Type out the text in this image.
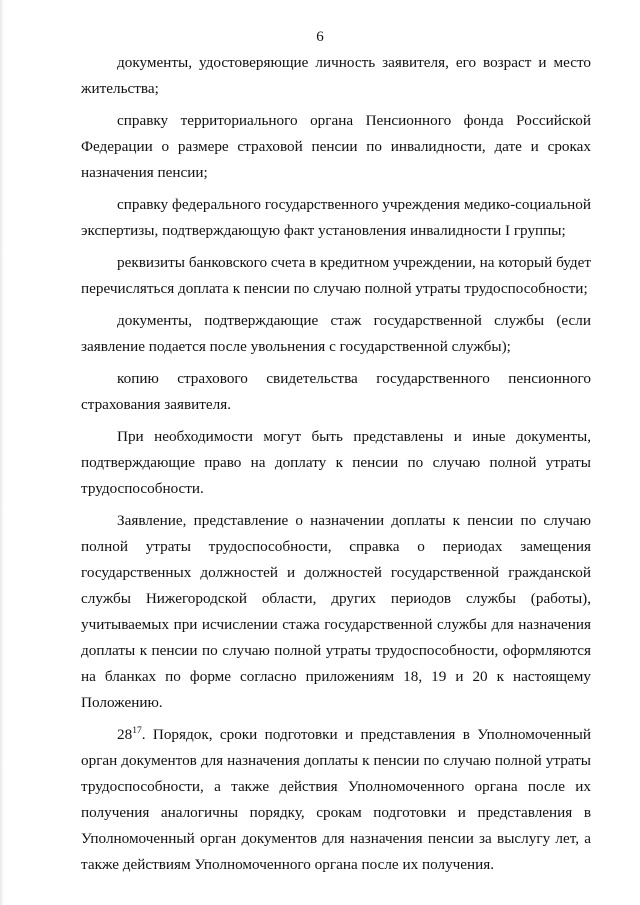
6

документы, удостоверяющие личность заявителя, его возраст и место жительства;

справку территориального органа Пенсионного фонда Российской Федерации о размере страховой пенсии по инвалидности, дате и сроках назначения пенсии;

справку федерального государственного учреждения медико-социальной экспертизы, подтверждающую факт установления инвалидности I группы;

реквизиты банковского счета в кредитном учреждении, на который будет перечисляться доплата к пенсии по случаю полной утраты трудоспособности;

документы, подтверждающие стаж государственной службы (если заявление подается после увольнения с государственной службы);

копию страхового свидетельства государственного пенсионного страхования заявителя.

При необходимости могут быть представлены и иные документы, подтверждающие право на доплату к пенсии по случаю полной утраты трудоспособности.

Заявление, представление о назначении доплаты к пенсии по случаю полной утраты трудоспособности, справка о периодах замещения государственных должностей и должностей государственной гражданской службы Нижегородской области, других периодов службы (работы), учитываемых при исчислении стажа государственной службы для назначения доплаты к пенсии по случаю полной утраты трудоспособности, оформляются на бланках по форме согласно приложениям 18, 19 и 20 к настоящему Положению.

$28^{17}$. Порядок, сроки подготовки и представления в Уполномоченный орган документов для назначения доплаты к пенсии по случаю полной утраты трудоспособности, а также действия Уполномоченного органа после их получения аналогичны порядку, срокам подготовки и представления в Уполномоченный орган документов для назначения пенсии за выслугу лет, а также действиям Уполномоченного органа после их получения.
